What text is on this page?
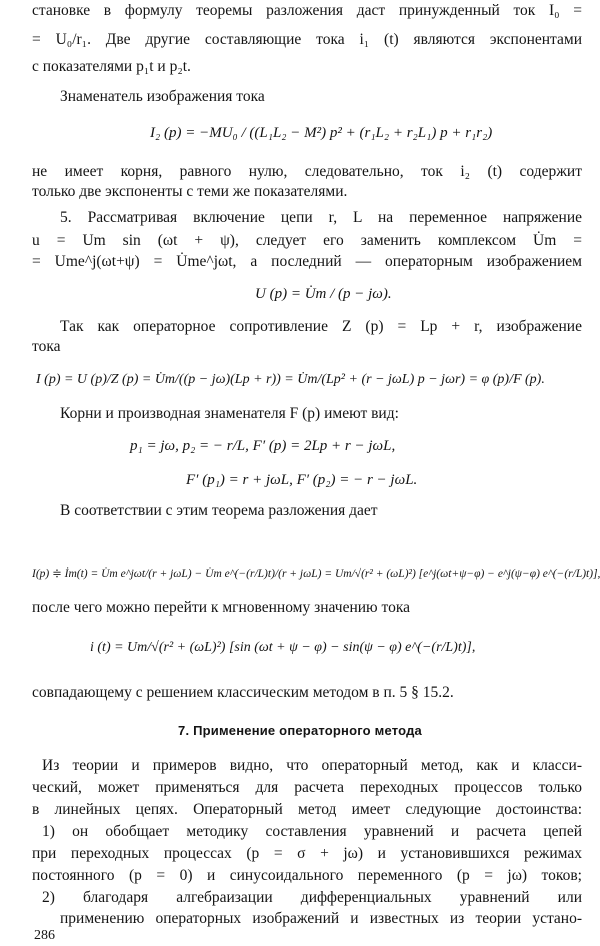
становке в формулу теоремы разложения даст принужденный ток I₀ =
= U₀/r₁. Две другие составляющие тока i₁ (t) являются экспонентами
с показателями p₁t и p₂t.
Знаменатель изображения тока
I₂ (p) = −MU₀ / ((L₁L₂ − M²) p² + (r₁L₂ + r₂L₁) p + r₁r₂)
не имеет корня, равного нулю, следовательно, ток i₂ (t) содержит
только две экспоненты с теми же показателями.
5. Рассматривая включение цепи r, L на переменное напряжение
u = Um sin (ωt + ψ), следует его заменить комплексом U̇m =
= Ume^j(ωt+ψ) = U̇me^jωt, а последний — операторным изображением
U (p) = U̇m / (p − jω).
Так как операторное сопротивление Z (p) = Lp + r, изображение
тока
I (p) = U (p)/Z (p) = U̇m/((p − jω)(Lp + r)) = U̇m/(Lp² + (r − jωL) p − jωr) = φ (p)/F (p).
Корни и производная знаменателя F (p) имеют вид:
p₁ = jω, p₂ = − r/L, F′ (p) = 2Lp + r − jωL,
F′ (p₁) = r + jωL, F′ (p₂) = − r − jωL.
В соответствии с этим теорема разложения дает
I(p) ≑ İm(t) = U̇m e^jωt/(r + jωL) − U̇m e^(−(r/L)t)/(r + jωL) = Um/√(r² + (ωL)²) [e^j(ωt+ψ−φ) − e^j(ψ−φ) e^(−(r/L)t)],
после чего можно перейти к мгновенному значению тока
i (t) = Um/√(r² + (ωL)²) [sin (ωt + ψ − φ) − sin(ψ − φ) e^(−(r/L)t)],
совпадающему с решением классическим методом в п. 5 § 15.2.
7. Применение операторного метода
Из теории и примеров видно, что операторный метод, как и класси-
ческий, может применяться для расчета переходных процессов только
в линейных цепях. Операторный метод имеет следующие достоинства:
1) он обобщает методику составления уравнений и расчета цепей
при переходных процессах (p = σ + jω) и установившихся режимах
постоянного (p = 0) и синусоидального переменного (p = jω) токов;
2) благодаря алгебраизации дифференциальных уравнений или
применению операторных изображений и известных из теории устано-
286
